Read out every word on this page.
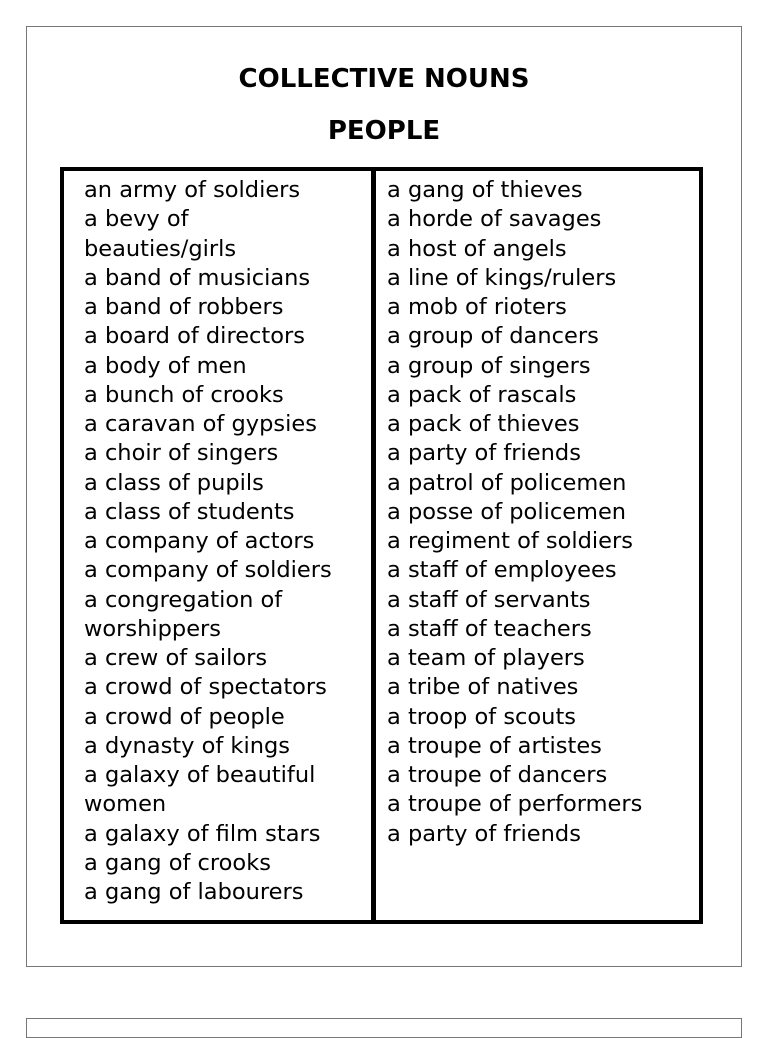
COLLECTIVE NOUNS
PEOPLE
an army of soldiers
a bevy of
beauties/girls
a band of musicians
a band of robbers
a board of directors
a body of men
a bunch of crooks
a caravan of gypsies
a choir of singers
a class of pupils
a class of students
a company of actors
a company of soldiers
a congregation of
worshippers
a crew of sailors
a crowd of spectators
a crowd of people
a dynasty of kings
a galaxy of beautiful
women
a galaxy of film stars
a gang of crooks
a gang of labourers
a gang of thieves
a horde of savages
a host of angels
a line of kings/rulers
a mob of rioters
a group of dancers
a group of singers
a pack of rascals
a pack of thieves
a party of friends
a patrol of policemen
a posse of policemen
a regiment of soldiers
a staff of employees
a staff of servants
a staff of teachers
a team of players
a tribe of natives
a troop of scouts
a troupe of artistes
a troupe of dancers
a troupe of performers
a party of friends
